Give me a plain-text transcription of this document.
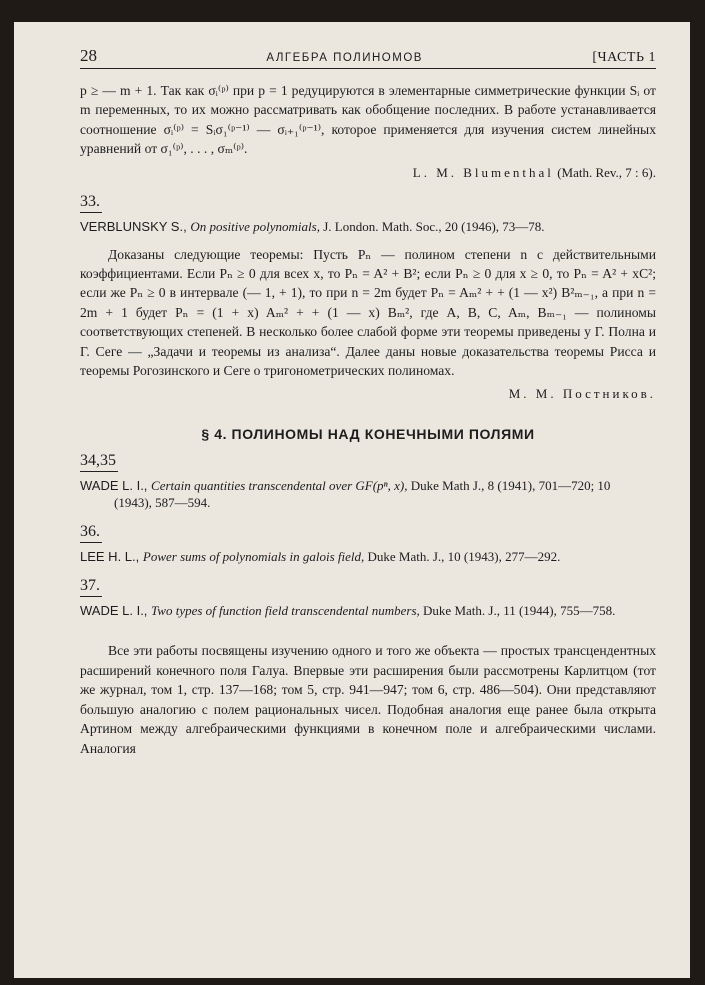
28	АЛГЕБРА ПОЛИНОМОВ	[ЧАСТЬ 1

p ≥ — m + 1. Так как σᵢ⁽ᵖ⁾ при p = 1 редуцируются в элементарные симметрические функции Sᵢ от m переменных, то их можно рассматривать как обобщение последних. В работе устанавливается соотношение σᵢ⁽ᵖ⁾ = Sᵢσ₁⁽ᵖ⁻¹⁾ — σᵢ₊₁⁽ᵖ⁻¹⁾, которое применяется для изучения систем линейных уравнений от σ₁⁽ᵖ⁾, . . . , σₘ⁽ᵖ⁾.

L. M. Blumenthal (Math. Rev., 7 : 6).
33.

VERBLUNSKY S., On positive polynomials, J. London. Math. Soc., 20 (1946), 73—78.

Доказаны следующие теоремы: Пусть Pₙ — полином степени n с действительными коэффициентами. Если Pₙ ≥ 0 для всех x, то Pₙ = A² + B²; если Pₙ ≥ 0 для x ≥ 0, то Pₙ = A² + xC²; если же Pₙ ≥ 0 в интервале (— 1, + 1), то при n = 2m будет Pₙ = Aₘ² + + (1 — x²) B²ₘ₋₁, а при n = 2m + 1 будет Pₙ = (1 + x) Aₘ² + + (1 — x) Bₘ², где A, B, C, Aₘ, Bₘ₋₁ — полиномы соответствующих степеней. В несколько более слабой форме эти теоремы приведены у Г. Полна и Г. Сеге — „Задачи и теоремы из анализа“. Далее даны новые доказательства теоремы Рисса и теоремы Рогозинского и Сеге о тригонометрических полиномах.

М. М. Постников.
§ 4. ПОЛИНОМЫ НАД КОНЕЧНЫМИ ПОЛЯМИ
34,35

WADE L. I., Certain quantities transcendental over GF(pⁿ, x), Duke Math J., 8 (1941), 701—720; 10 (1943), 587—594.

36.

LEE H. L., Power sums of polynomials in galois field, Duke Math. J., 10 (1943), 277—292.

37.

WADE L. I., Two types of function field transcendental numbers, Duke Math. J., 11 (1944), 755—758.

Все эти работы посвящены изучению одного и того же объекта — простых трансцендентных расширений конечного поля Галуа. Впервые эти расширения были рассмотрены Карлитцом (тот же журнал, том 1, стр. 137—168; том 5, стр. 941—947; том 6, стр. 486—504). Они представляют большую аналогию с полем рациональных чисел. Подобная аналогия еще ранее была открыта Артином между алгебраическими функциями в конечном поле и алгебраическими числами. Аналогия
